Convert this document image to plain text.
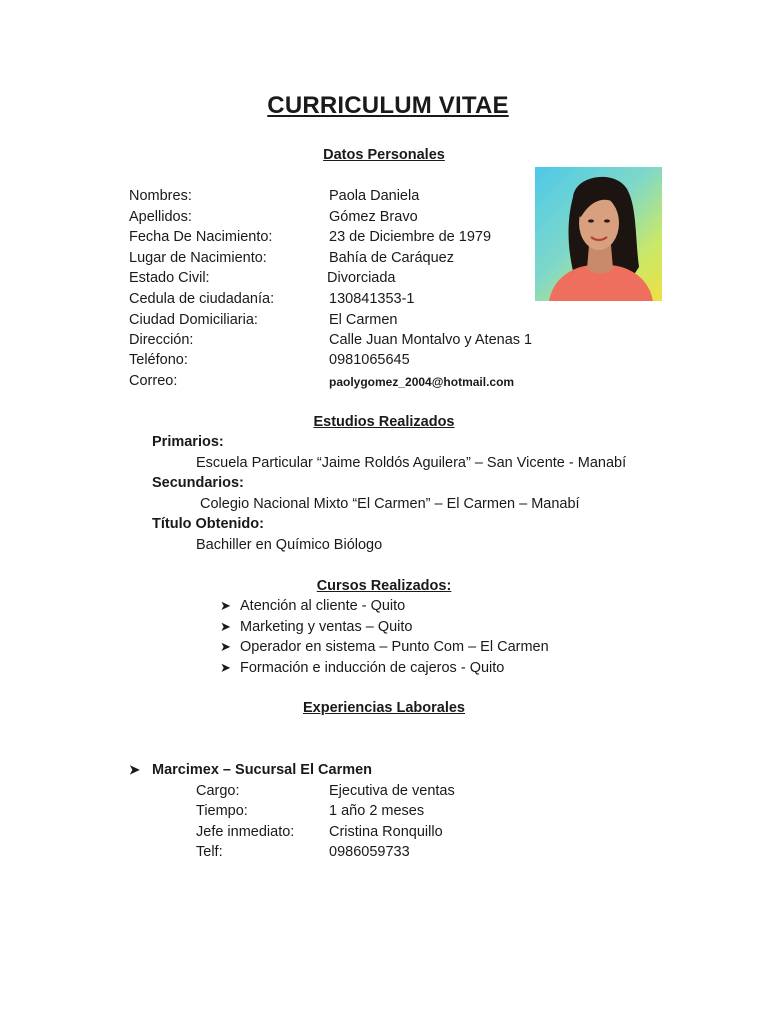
CURRICULUM VITAE
Datos Personales
Nombres:	Paola Daniela
Apellidos:	Gómez Bravo
Fecha De Nacimiento:	23 de Diciembre de 1979
Lugar de Nacimiento:	Bahía de Caráquez
Estado Civil:	Divorciada
Cedula de ciudadanía:	130841353-1
Ciudad Domiciliaria:	El Carmen
Dirección:	Calle Juan Montalvo y Atenas 1
Teléfono:	0981065645
Correo:	paolygomez_2004@hotmail.com
Estudios Realizados
Primarios:
Escuela Particular “Jaime Roldós Aguilera” – San Vicente - Manabí
Secundarios:
Colegio Nacional Mixto “El Carmen” – El Carmen – Manabí
Título Obtenido:
Bachiller en Químico Biólogo
Cursos Realizados:
➤ Atención al cliente - Quito
➤ Marketing y ventas – Quito
➤ Operador en sistema – Punto Com – El Carmen
➤ Formación e inducción de cajeros - Quito
Experiencias Laborales
➤ Marcimex – Sucursal El Carmen
Cargo:	Ejecutiva de ventas
Tiempo:	1 año 2 meses
Jefe inmediato: Cristina Ronquillo
Telf:	0986059733
